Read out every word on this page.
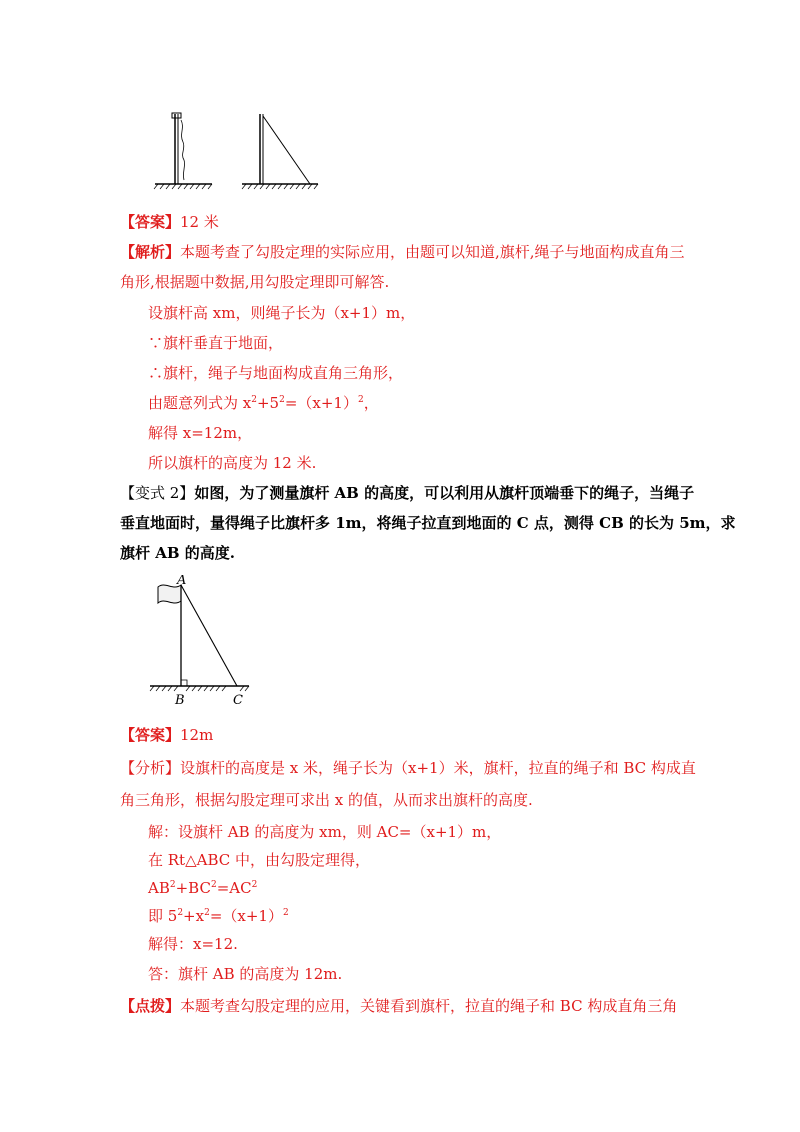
【答案】12 米
【解析】本题考查了勾股定理的实际应用，由题可以知道,旗杆,绳子与地面构成直角三
角形,根据题中数据,用勾股定理即可解答.
设旗杆高 xm，则绳子长为（x+1）m，
∵旗杆垂直于地面，
∴旗杆，绳子与地面构成直角三角形，
由题意列式为 $x^2+5^2=(x+1)^2$，
解得 x=12m，
所以旗杆的高度为 12 米.
【变式 2】如图，为了测量旗杆 AB 的高度，可以利用从旗杆顶端垂下的绳子，当绳子
垂直地面时，量得绳子比旗杆多 1m，将绳子拉直到地面的 C 点，测得 CB 的长为 5m，求
旗杆 AB 的高度.
A
B	C
【答案】12m
【分析】设旗杆的高度是 x 米，绳子长为（x+1）米，旗杆，拉直的绳子和 BC 构成直
角三角形，根据勾股定理可求出 x 的值，从而求出旗杆的高度.
解：设旗杆 AB 的高度为 xm，则 AC=（x+1）m，
在 Rt△ABC 中，由勾股定理得，
$AB^2+BC^2=AC^2$
即 $5^2+x^2=(x+1)^2$
解得：x=12.
答：旗杆 AB 的高度为 12m.
【点拨】本题考查勾股定理的应用，关键看到旗杆，拉直的绳子和 BC 构成直角三角
